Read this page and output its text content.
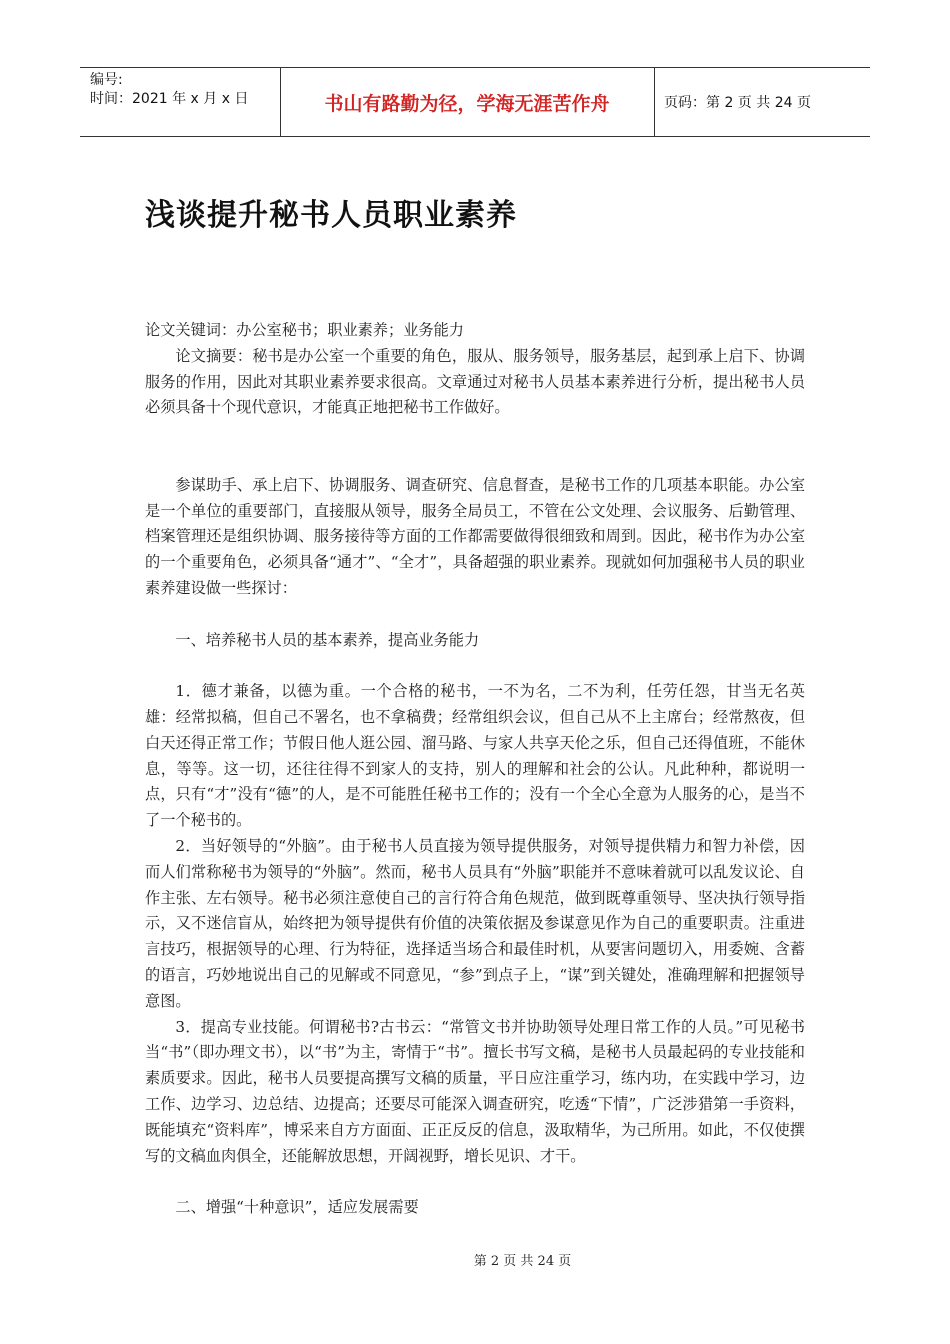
编号:
时间：2021 年 x 月 x 日	书山有路勤为径，学海无涯苦作舟	页码：第 2 页 共 24 页
浅谈提升秘书人员职业素养

论文关键词：办公室秘书；职业素养；业务能力

论文摘要：秘书是办公室一个重要的角色，服从、服务领导，服务基层，起到承上启下、协调服务的作用，因此对其职业素养要求很高。文章通过对秘书人员基本素养进行分析，提出秘书人员必须具备十个现代意识，才能真正地把秘书工作做好。

参谋助手、承上启下、协调服务、调查研究、信息督查，是秘书工作的几项基本职能。办公室是一个单位的重要部门，直接服从领导，服务全局员工，不管在公文处理、会议服务、后勤管理、档案管理还是组织协调、服务接待等方面的工作都需要做得很细致和周到。因此，秘书作为办公室的一个重要角色，必须具备“通才”、“全才”，具备超强的职业素养。现就如何加强秘书人员的职业素养建设做一些探讨：

一、培养秘书人员的基本素养，提高业务能力

1．德才兼备，以德为重。一个合格的秘书，一不为名，二不为利，任劳任怨，甘当无名英雄：经常拟稿，但自己不署名，也不拿稿费；经常组织会议，但自己从不上主席台；经常熬夜，但白天还得正常工作；节假日他人逛公园、溜马路、与家人共享天伦之乐，但自己还得值班，不能休息，等等。这一切，还往往得不到家人的支持，别人的理解和社会的公认。凡此种种，都说明一点，只有“才”没有“德”的人，是不可能胜任秘书工作的；没有一个全心全意为人服务的心，是当不了一个秘书的。

2．当好领导的“外脑”。由于秘书人员直接为领导提供服务，对领导提供精力和智力补偿，因而人们常称秘书为领导的“外脑”。然而，秘书人员具有“外脑”职能并不意味着就可以乱发议论、自作主张、左右领导。秘书必须注意使自己的言行符合角色规范，做到既尊重领导、坚决执行领导指示，又不迷信盲从，始终把为领导提供有价值的决策依据及参谋意见作为自己的重要职责。注重进言技巧，根据领导的心理、行为特征，选择适当场合和最佳时机，从要害问题切入，用委婉、含蓄的语言，巧妙地说出自己的见解或不同意见，“参”到点子上，“谋”到关键处，准确理解和把握领导意图。

3．提高专业技能。何谓秘书?古书云：“常管文书并协助领导处理日常工作的人员。”可见秘书当“书”（即办理文书），以“书”为主，寄情于“书”。擅长书写文稿，是秘书人员最起码的专业技能和素质要求。因此，秘书人员要提高撰写文稿的质量，平日应注重学习，练内功，在实践中学习，边工作、边学习、边总结、边提高；还要尽可能深入调查研究，吃透“下情”，广泛涉猎第一手资料，既能填充“资料库”，博采来自方方面面、正正反反的信息，汲取精华，为己所用。如此，不仅使撰写的文稿血肉俱全，还能解放思想，开阔视野，增长见识、才干。

二、增强“十种意识”，适应发展需要

第 2 页 共 24 页
